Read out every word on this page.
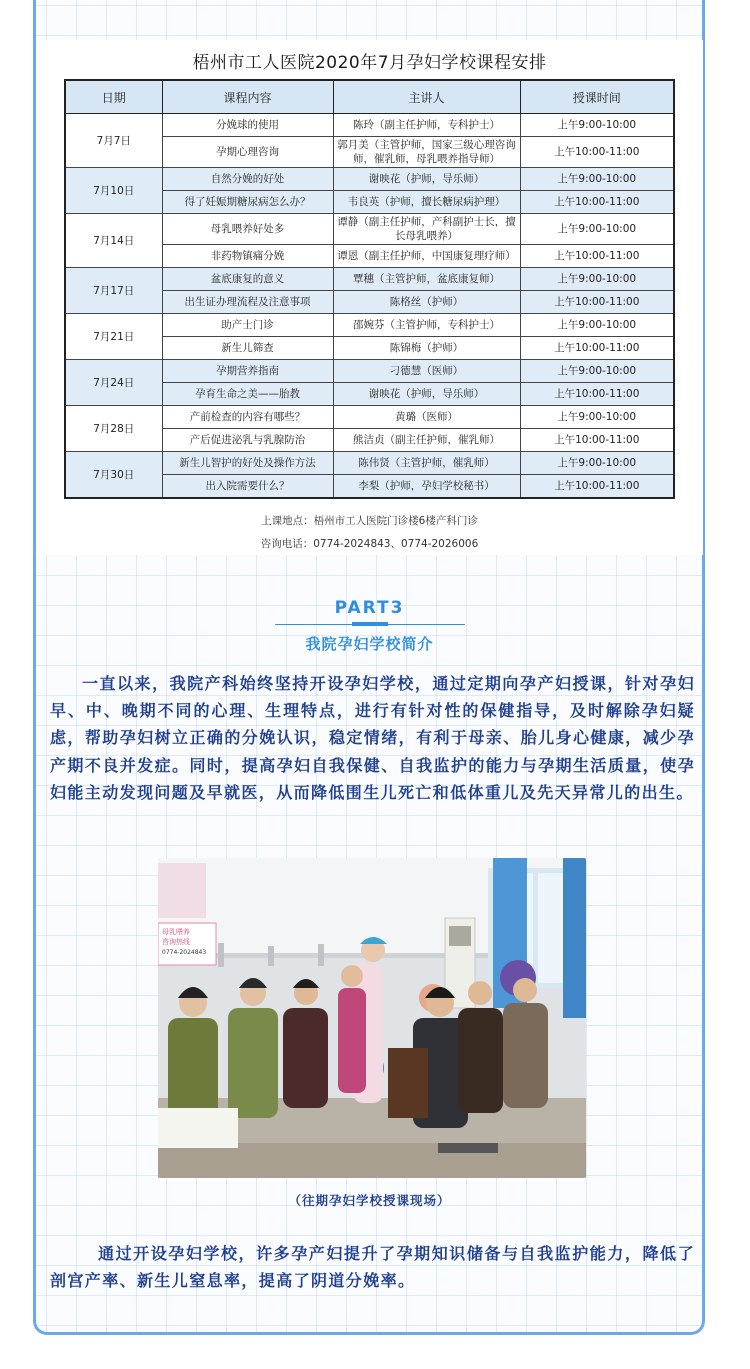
梧州市工人医院2020年7月孕妇学校课程安排
日期	课程内容	主讲人	授课时间
7月7日	分娩球的使用	陈玲（副主任护师，专科护士）	上午9:00-10:00
	孕期心理咨询	郭月美（主管护师，国家三级心理咨询师，催乳师，母乳喂养指导师）	上午10:00-11:00
7月10日	自然分娩的好处	谢映花（护师，导乐师）	上午9:00-10:00
	得了妊娠期糖尿病怎么办？	韦良英（护师，擅长糖尿病护理）	上午10:00-11:00
7月14日	母乳喂养好处多	谭静（副主任护师，产科副护士长，擅长母乳喂养）	上午9:00-10:00
	非药物镇痛分娩	谭恩（副主任护师，中国康复理疗师）	上午10:00-11:00
7月17日	盆底康复的意义	覃穗（主管护师，盆底康复师）	上午9:00-10:00
	出生证办理流程及注意事项	陈格丝（护师）	上午10:00-11:00
7月21日	助产士门诊	邵婉芬（主管护师，专科护士）	上午9:00-10:00
	新生儿筛查	陈锦梅（护师）	上午10:00-11:00
7月24日	孕期营养指南	刁德慧（医师）	上午9:00-10:00
	孕育生命之美——胎教	谢映花（护师，导乐师）	上午10:00-11:00
7月28日	产前检查的内容有哪些？	黄璐（医师）	上午9:00-10:00
	产后促进泌乳与乳腺防治	熊洁贞（副主任护师，催乳师）	上午10:00-11:00
7月30日	新生儿智护的好处及操作方法	陈伟贤（主管护师，催乳师）	上午9:00-10:00
	出入院需要什么？	李梨（护师，孕妇学校秘书）	上午10:00-11:00
上课地点：梧州市工人医院门诊楼6楼产科门诊
咨询电话：0774-2024843、0774-2026006
PART3
我院孕妇学校简介
一直以来，我院产科始终坚持开设孕妇学校，通过定期向孕产妇授课，针对孕妇早、中、晚期不同的心理、生理特点，进行有针对性的保健指导，及时解除孕妇疑虑，帮助孕妇树立正确的分娩认识，稳定情绪，有利于母亲、胎儿身心健康，减少孕产期不良并发症。同时，提高孕妇自我保健、自我监护的能力与孕期生活质量，使孕妇能主动发现问题及早就医，从而降低围生儿死亡和低体重儿及先天异常儿的出生。
母乳喂养
咨询热线
0774-2024843
（往期孕妇学校授课现场）
通过开设孕妇学校，许多孕产妇提升了孕期知识储备与自我监护能力，降低了剖宫产率、新生儿窒息率，提高了阴道分娩率。
